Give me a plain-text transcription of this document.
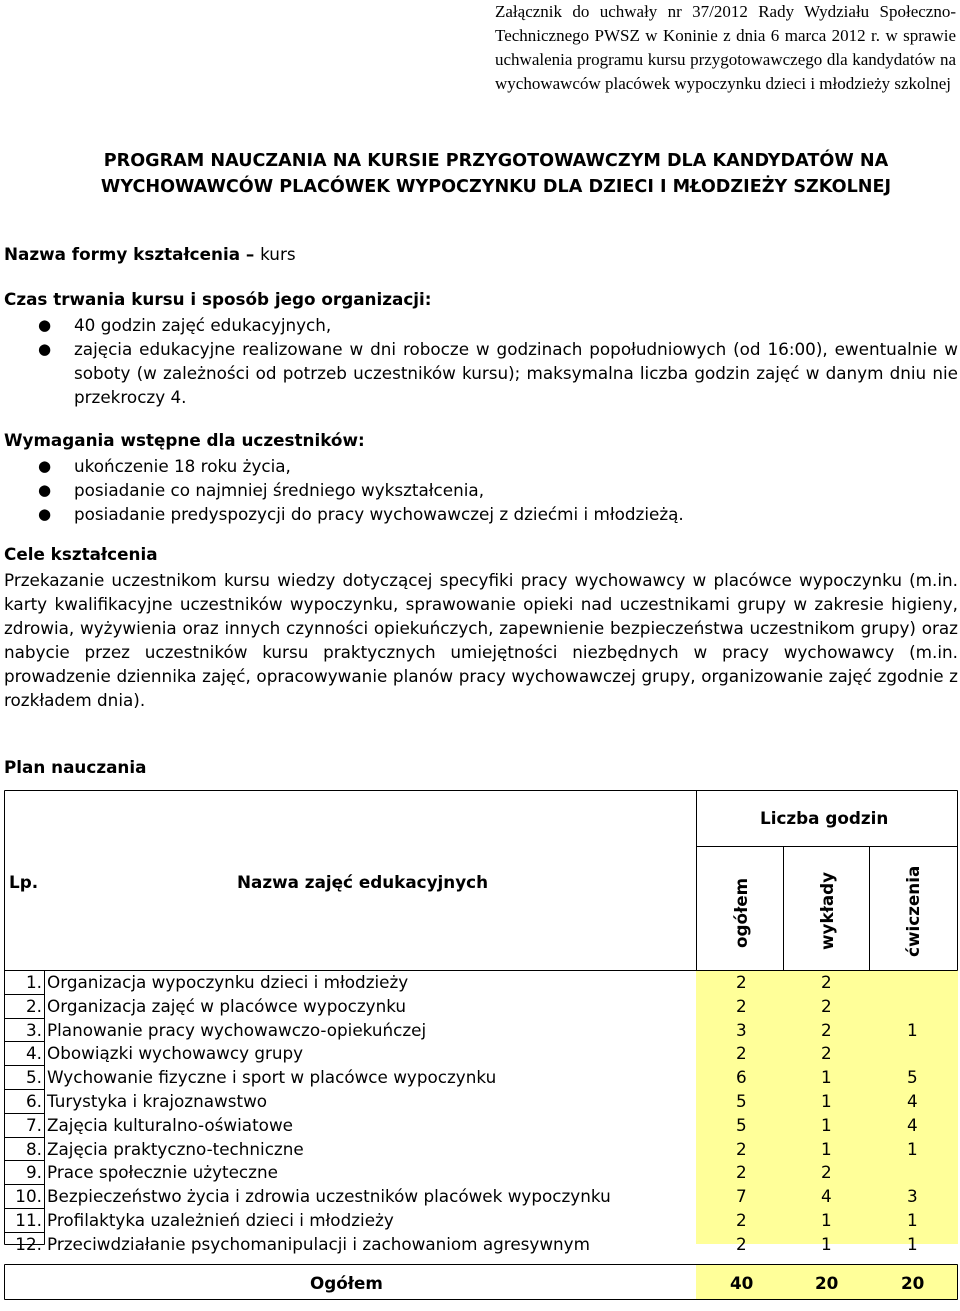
Załącznik do uchwały nr 37/2012 Rady Wydziału Społeczno-Technicznego PWSZ w Koninie z dnia 6 marca 2012 r. w sprawie uchwalenia programu kursu przygotowawczego dla kandydatów na wychowawców placówek wypoczynku dzieci i młodzieży szkolnej
PROGRAM NAUCZANIA NA KURSIE PRZYGOTOWAWCZYM DLA KANDYDATÓW NA WYCHOWAWCÓW PLACÓWEK WYPOCZYNKU DLA DZIECI I MŁODZIEŻY SZKOLNEJ
Nazwa formy kształcenia – kurs
Czas trwania kursu i sposób jego organizacji:
● 40 godzin zajęć edukacyjnych,
● zajęcia edukacyjne realizowane w dni robocze w godzinach popołudniowych (od 16:00), ewentualnie w soboty (w zależności od potrzeb uczestników kursu); maksymalna liczba godzin zajęć w danym dniu nie przekroczy 4.
Wymagania wstępne dla uczestników:
● ukończenie 18 roku życia,
● posiadanie co najmniej średniego wykształcenia,
● posiadanie predyspozycji do pracy wychowawczej z dziećmi i młodzieżą.
Cele kształcenia
Przekazanie uczestnikom kursu wiedzy dotyczącej specyfiki pracy wychowawcy w placówce wypoczynku (m.in. karty kwalifikacyjne uczestników wypoczynku, sprawowanie opieki nad uczestnikami grupy w zakresie higieny, zdrowia, wyżywienia oraz innych czynności opiekuńczych, zapewnienie bezpieczeństwa uczestnikom grupy) oraz nabycie przez uczestników kursu praktycznych umiejętności niezbędnych w pracy wychowawcy (m.in. prowadzenie dziennika zajęć, opracowywanie planów pracy wychowawczej grupy, organizowanie zajęć zgodnie z rozkładem dnia).
Plan nauczania
Liczba godzin
Lp.	Nazwa zajęć edukacyjnych	ogółem	wykłady	ćwiczenia
1. Organizacja wypoczynku dzieci i młodzieży	2	2
2. Organizacja zajęć w placówce wypoczynku	2	2
3. Planowanie pracy wychowawczo-opiekuńczej	3	2	1
4. Obowiązki wychowawcy grupy	2	2
5. Wychowanie fizyczne i sport w placówce wypoczynku	6	1	5
6. Turystyka i krajoznawstwo	5	1	4
7. Zajęcia kulturalno-oświatowe	5	1	4
8. Zajęcia praktyczno-techniczne	2	1	1
9. Prace społecznie użyteczne	2	2
10. Bezpieczeństwo życia i zdrowia uczestników placówek wypoczynku	7	4	3
11. Profilaktyka uzależnień dzieci i młodzieży	2	1	1
12. Przeciwdziałanie psychomanipulacji i zachowaniom agresywnym	2	1	1
Ogółem	40	20	20
